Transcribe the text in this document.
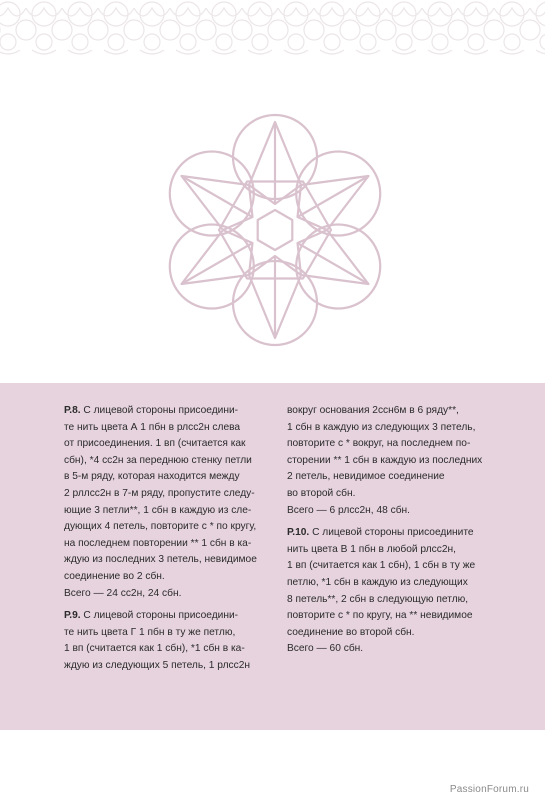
Р.8. С лицевой стороны присоедини-
те нить цвета А 1 пбн в рлсс2н слева
от присоединения. 1 вп (считается как
сбн), *4 сс2н за переднюю стенку петли
в 5-м ряду, которая находится между
2 рллсс2н в 7-м ряду, пропустите следу-
ющие 3 петли**, 1 сбн в каждую из сле-
дующих 4 петель, повторите с * по кругу,
на последнем повторении ** 1 сбн в ка-
ждую из последних 3 петель, невидимое
соединение во 2 сбн.

Всего — 24 сс2н, 24 сбн.

Р.9. С лицевой стороны присоедини-
те нить цвета Г 1 пбн в ту же петлю,
1 вп (считается как 1 сбн), *1 сбн в ка-
ждую из следующих 5 петель, 1 рлсс2н

вокруг основания 2ссн6м в 6 ряду**,
1 сбн в каждую из следующих 3 петель,
повторите с * вокруг, на последнем по-
сторении ** 1 сбн в каждую из последних
2 петель, невидимое соединение
во второй сбн.

Всего — 6 рлсс2н, 48 сбн.

Р.10. С лицевой стороны присоедините
нить цвета В 1 пбн в любой рлсс2н,
1 вп (считается как 1 сбн), 1 сбн в ту же
петлю, *1 сбн в каждую из следующих
8 петель**, 2 сбн в следующую петлю,
повторите с * по кругу, на ** невидимое
соединение во второй сбн.

Всего — 60 сбн.

PassionForum.ru
